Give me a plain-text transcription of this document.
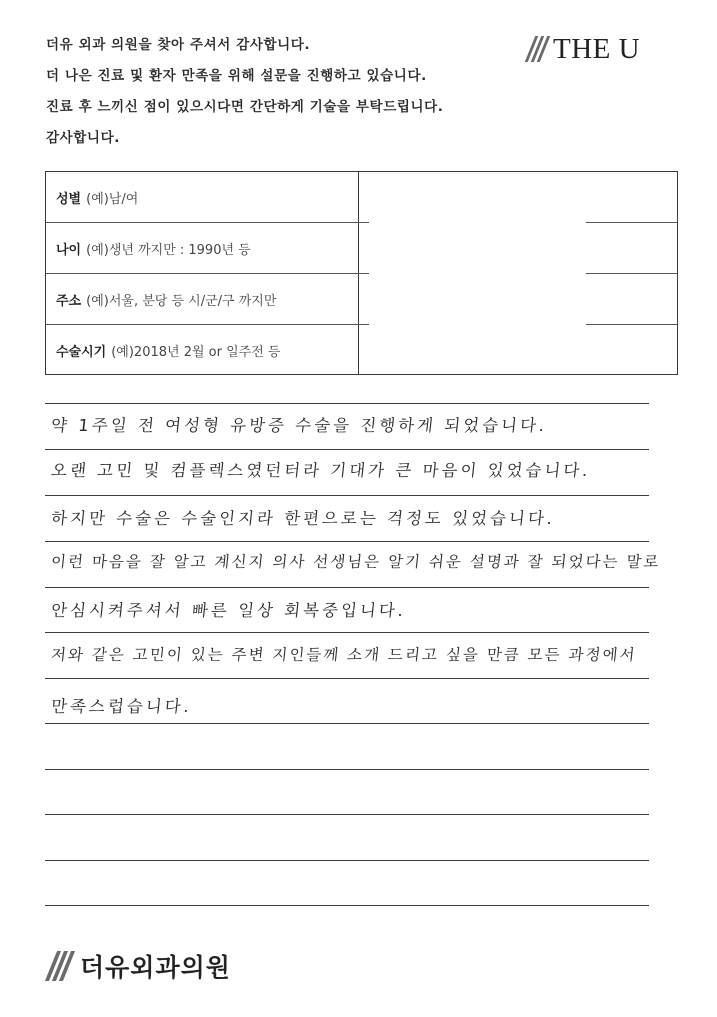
더유 외과 의원을 찾아 주셔서 감사합니다.

더 나은 진료 및 환자 만족을 위해 설문을 진행하고 있습니다.

진료 후 느끼신 점이 있으시다면 간단하게 기술을 부탁드립니다.

감사합니다.

THE U
성별 (예)남/여
나이 (예)생년 까지만 : 1990년 등
주소 (예)서울, 분당 등 시/군/구 까지만
수술시기 (예)2018년 2월 or 일주전 등
약 1주일 전 여성형 유방증 수술을 진행하게 되었습니다.
오랜 고민 및 컴플렉스였던터라 기대가 큰 마음이 있었습니다.
하지만 수술은 수술인지라 한편으로는 걱정도 있었습니다.
이런 마음을 잘 알고 계신지 의사 선생님은 알기 쉬운 설명과 잘 되었다는 말로
안심시켜주셔서 빠른 일상 회복중입니다.
저와 같은 고민이 있는 주변 지인들께 소개 드리고 싶을 만큼 모든 과정에서
만족스럽습니다.
더유외과의원
